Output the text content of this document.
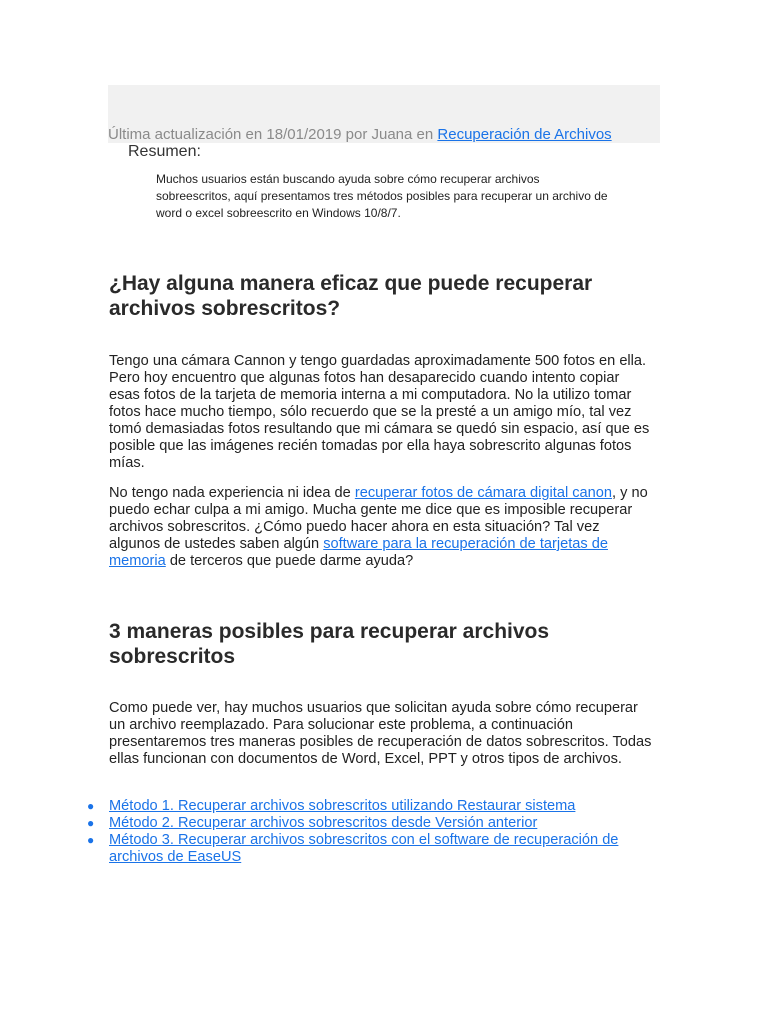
Última actualización en 18/01/2019 por Juana en Recuperación de Archivos
Resumen:

Muchos usuarios están buscando ayuda sobre cómo recuperar archivos sobreescritos, aquí presentamos tres métodos posibles para recuperar un archivo de word o excel sobreescrito en Windows 10/8/7.

¿Hay alguna manera eficaz que puede recuperar archivos sobrescritos?

Tengo una cámara Cannon y tengo guardadas aproximadamente 500 fotos en ella. Pero hoy encuentro que algunas fotos han desaparecido cuando intento copiar esas fotos de la tarjeta de memoria interna a mi computadora. No la utilizo tomar fotos hace mucho tiempo, sólo recuerdo que se la presté a un amigo mío, tal vez tomó demasiadas fotos resultando que mi cámara se quedó sin espacio, así que es posible que las imágenes recién tomadas por ella haya sobrescrito algunas fotos mías.

No tengo nada experiencia ni idea de recuperar fotos de cámara digital canon, y no puedo echar culpa a mi amigo. Mucha gente me dice que es imposible recuperar archivos sobrescritos. ¿Cómo puedo hacer ahora en esta situación? Tal vez algunos de ustedes saben algún software para la recuperación de tarjetas de memoria de terceros que puede darme ayuda?

3 maneras posibles para recuperar archivos sobrescritos

Como puede ver, hay muchos usuarios que solicitan ayuda sobre cómo recuperar un archivo reemplazado. Para solucionar este problema, a continuación presentaremos tres maneras posibles de recuperación de datos sobrescritos. Todas ellas funcionan con documentos de Word, Excel, PPT y otros tipos de archivos.

● Método 1. Recuperar archivos sobrescritos utilizando Restaurar sistema
● Método 2. Recuperar archivos sobrescritos desde Versión anterior
● Método 3. Recuperar archivos sobrescritos con el software de recuperación de archivos de EaseUS
